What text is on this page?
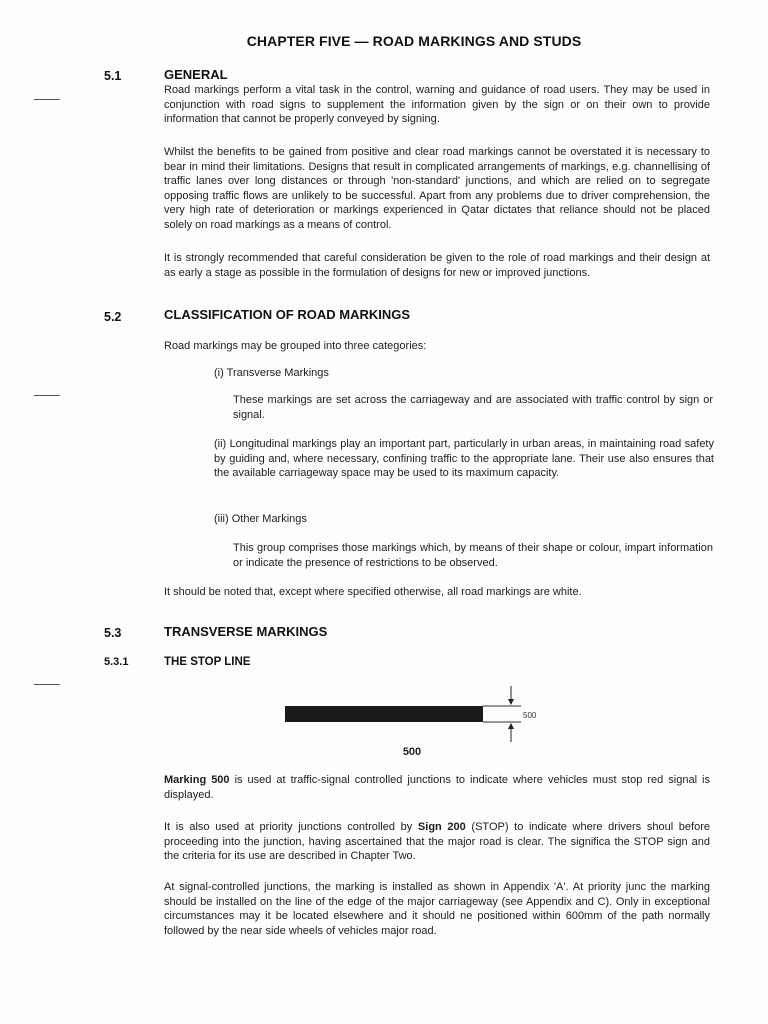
CHAPTER FIVE — ROAD MARKINGS AND STUDS
5.1	GENERAL

Road markings perform a vital task in the control, warning and guidance of road users. They may be used in conjunction with road signs to supplement the information given by the sign or on their own to provide information that cannot be properly conveyed by signing.

Whilst the benefits to be gained from positive and clear road markings cannot be overstated it is necessary to bear in mind their limitations. Designs that result in complicated arrangements of markings, e.g. channellising of traffic lanes over long distances or through 'non-standard' junctions, and which are relied on to segregate opposing traffic flows are unlikely to be successful. Apart from any problems due to driver comprehension, the very high rate of deterioration or markings experienced in Qatar dictates that reliance should not be placed solely on road markings as a means of control.

It is strongly recommended that careful consideration be given to the role of road markings and their design at as early a stage as possible in the formulation of designs for new or improved junctions.

5.2	CLASSIFICATION OF ROAD MARKINGS

Road markings may be grouped into three categories:

(i) Transverse Markings

These markings are set across the carriageway and are associated with traffic control by sign or signal.

(ii) Longitudinal markings play an important part, particularly in urban areas, in maintaining road safety by guiding and, where necessary, confining traffic to the appropriate lane. Their use also ensures that the available carriageway space may be used to its maximum capacity.

(iii) Other Markings

This group comprises those markings which, by means of their shape or colour, impart information or indicate the presence of restrictions to be observed.

It should be noted that, except where specified otherwise, all road markings are white.

5.3	TRANSVERSE MARKINGS
5.3.1	THE STOP LINE
500
500

Marking 500 is used at traffic-signal controlled junctions to indicate where vehicles must stop red signal is displayed.

It is also used at priority junctions controlled by Sign 200 (STOP) to indicate where drivers shoul before proceeding into the junction, having ascertained that the major road is clear. The significa the STOP sign and the criteria for its use are described in Chapter Two.

At signal-controlled junctions, the marking is installed as shown in Appendix 'A'. At priority junc the marking should be installed on the line of the edge of the major carriageway (see Appendix and C). Only in exceptional circumstances may it be located elsewhere and it should ne positioned within 600mm of the path normally followed by the near side wheels of vehicles major road.
